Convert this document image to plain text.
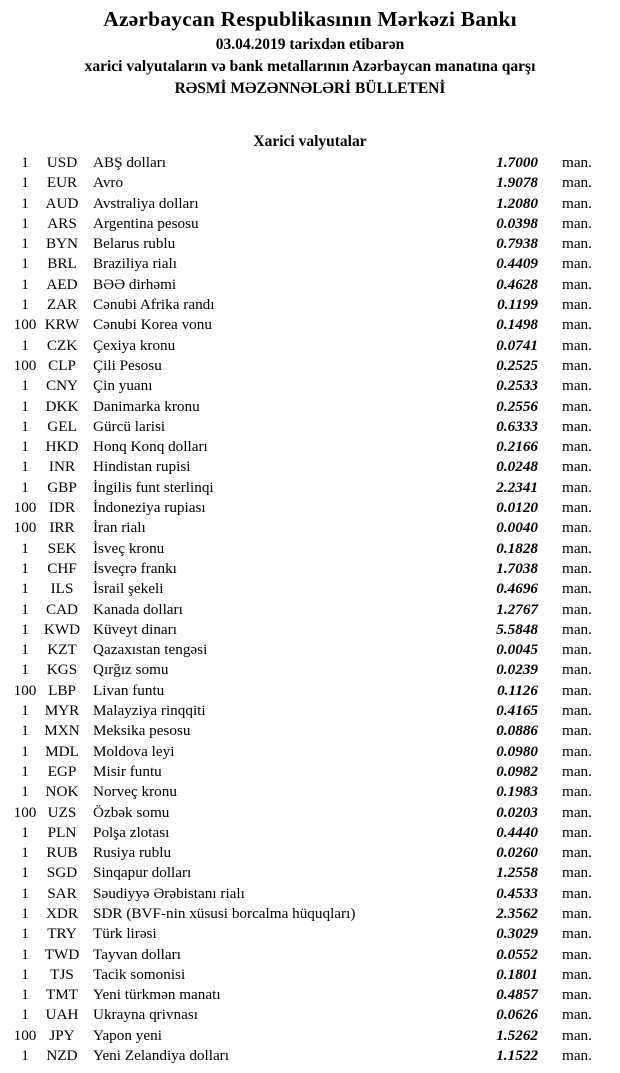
Azərbaycan Respublikasının Mərkəzi Bankı
03.04.2019 tarixdən etibarən
xarici valyutaların və bank metallarının Azərbaycan manatına qarşı
RƏSMİ MƏZƏNNƏLƏRİ BÜLLETENİ
Xarici valyutalar
1	USD	ABŞ dolları	1.7000 man.
1	EUR	Avro	1.9078 man.
1	AUD Avstraliya dolları	1.2080 man.
1	ARS	Argentina pesosu	0.0398 man.
1	BYN Belarus rublu	0.7938 man.
1	BRL	Braziliya rialı	0.4409 man.
1	AED BƏƏ dirhəmi	0.4628 man.
1	ZAR	Cənubi Afrika randı	0.1199 man.
100 KRW Cənubi Korea vonu	0.1498 man.
1	CZK	Çexiya kronu	0.0741 man.
100 CLP	Çili Pesosu	0.2525 man.
1	CNY Çin yuanı	0.2533 man.
1	DKK Danimarka kronu	0.2556 man.
1	GEL	Gürcü larisi	0.6333 man.
1	HKD Honq Konq dolları	0.2166 man.
1	INR	Hindistan rupisi	0.0248 man.
1	GBP	İngilis funt sterlinqi	2.2341 man.
100 IDR	İndoneziya rupiası	0.0120 man.
100 IRR	İran rialı	0.0040 man.
1	SEK	İsveç kronu	0.1828 man.
1	CHF	İsveçrə frankı	1.7038 man.
1	ILS	İsrail şekeli	0.4696 man.
1	CAD Kanada dolları	1.2767 man.
1 KWD Küveyt dinarı	5.5848 man.
1	KZT	Qazaxıstan tengəsi	0.0045 man.
1	KGS	Qırğız somu	0.0239 man.
100 LBP	Livan funtu	0.1126 man.
1	MYR Malayziya rinqqiti	0.4165 man.
1	MXN Meksika pesosu	0.0886 man.
1	MDL Moldova leyi	0.0980 man.
1	EGP	Misir funtu	0.0982 man.
1	NOK Norveç kronu	0.1983 man.
100 UZS	Özbək somu	0.0203 man.
1	PLN	Polşa zlotası	0.4440 man.
1	RUB Rusiya rublu	0.0260 man.
1	SGD	Sinqapur dolları	1.2558 man.
1	SAR	Səudiyyə Ərəbistanı rialı	0.4533 man.
1	XDR SDR (BVF-nin xüsusi borcalma hüquqları)	2.3562 man.
1	TRY	Türk lirəsi	0.3029 man.
1	TWD Tayvan dolları	0.0552 man.
1	TJS	Tacik somonisi	0.1801 man.
1	TMT Yeni türkmən manatı	0.4857 man.
1	UAH Ukrayna qrivnası	0.0626 man.
100 JPY	Yapon yeni	1.5262 man.
1	NZD Yeni Zelandiya dolları	1.1522 man.
